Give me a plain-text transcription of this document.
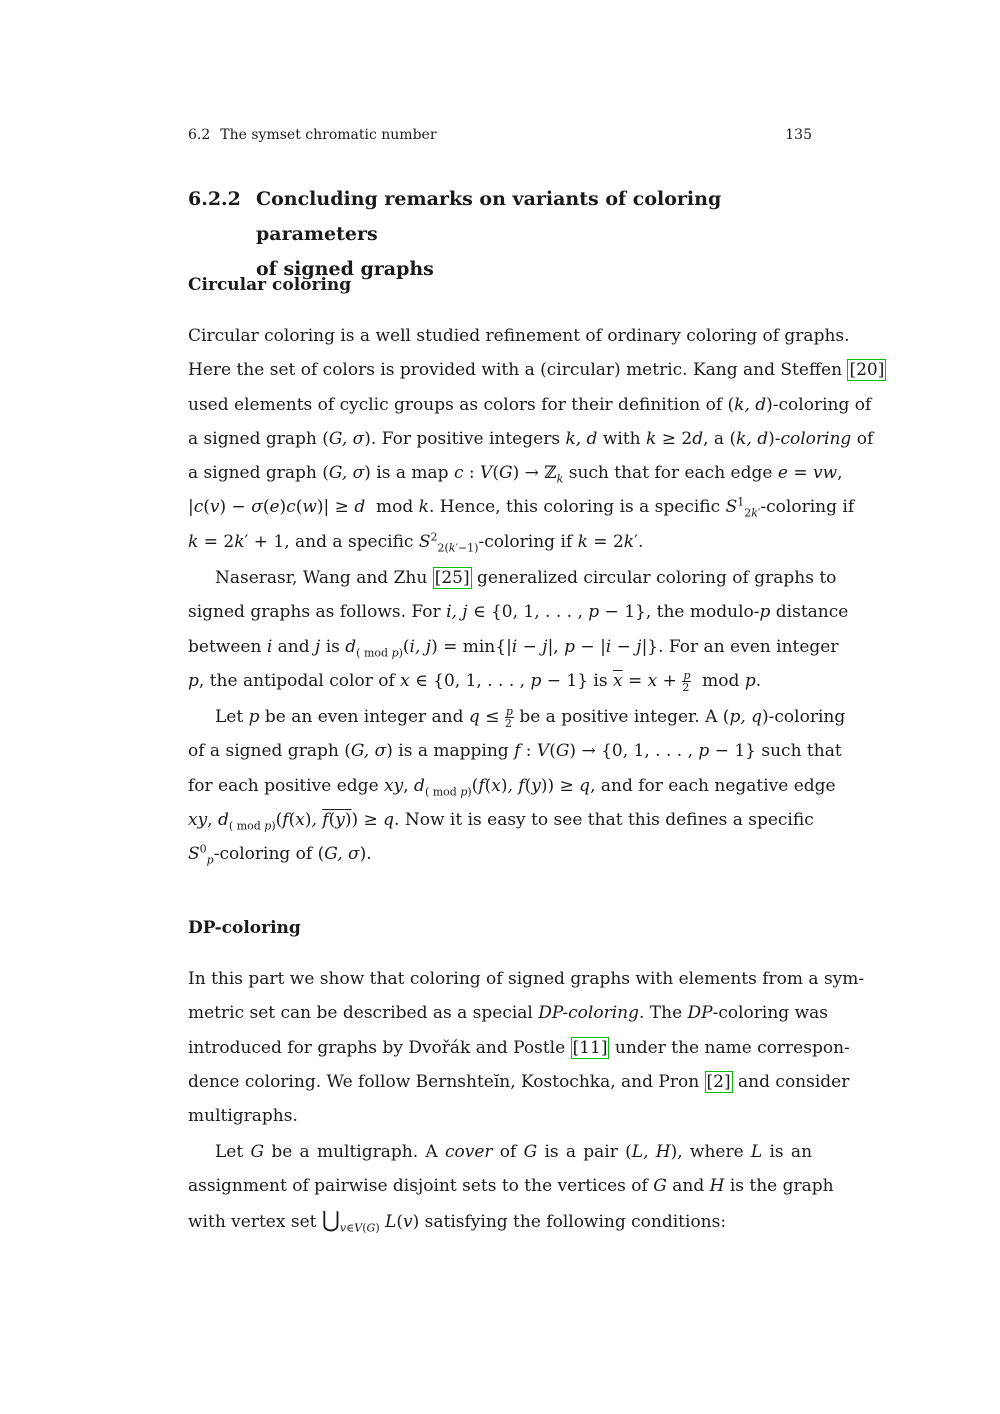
6.2 The symset chromatic number	135
6.2.2 Concluding remarks on variants of coloring parameters
of signed graphs
Circular coloring
Circular coloring is a well studied refinement of ordinary coloring of graphs.
Here the set of colors is provided with a (circular) metric. Kang and Steffen [20]
used elements of cyclic groups as colors for their definition of (k, d)-coloring of
a signed graph (G, σ). For positive integers k, d with k ≥ 2d, a (k, d)-coloring of
a signed graph (G, σ) is a map c : V(G) → ℤ$_k$ such that for each edge e = vw,
|c(v) − σ(e)c(w)| ≥ d  mod k. Hence, this coloring is a specific $S^1_{2k'}$-coloring if
k = 2k′ + 1, and a specific $S^2_{2(k'-1)}$-coloring if k = 2k′.
Naserasr, Wang and Zhu [25] generalized circular coloring of graphs to
signed graphs as follows. For i, j ∈ {0, 1, . . . , p − 1}, the modulo-p distance
between i and j is $d_{( mod p)}(i$, j) = min{|i − j|, p − |i − j|}. For an even integer
p, the antipodal color of x ∈ {0, 1, . . . , p − 1} is $\overline{x} = x + \frac{p}{2}$ mod p.
Let p be an even integer and $q \le \frac{p}{2}$ be a positive integer. A (p, q)-coloring
of a signed graph (G, σ) is a mapping f : V(G) → {0, 1, . . . , p − 1} such that
for each positive edge xy, $d_{( mod p)}(f(x)$, f(y)) ≥ q, and for each negative edge
xy, $d_{( mod p)}(f(x)$, f(y)) ≥ q. Now it is easy to see that this defines a specific
$S^0_p$-coloring of (G, σ).
DP-coloring
In this part we show that coloring of signed graphs with elements from a sym-
metric set can be described as a special DP-coloring. The DP-coloring was
introduced for graphs by Dvořák and Postle [11] under the name correspon-
dence coloring. We follow Bernshteĭn, Kostochka, and Pron [2] and consider
multigraphs.
Let G be a multigraph. A cover of G is a pair (L, H), where L is an
assignment of pairwise disjoint sets to the vertices of G and H is the graph
with vertex set $⋃_{v\in V(G)}$ L(v) satisfying the following conditions:
